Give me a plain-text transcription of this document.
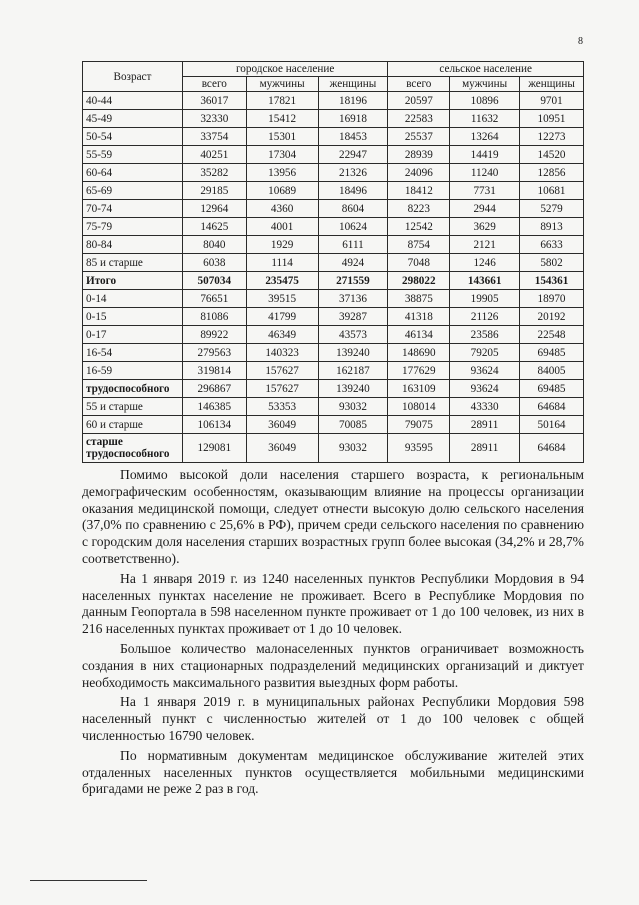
8
Возраст	городское население			сельское население		
	всего	мужчины	женщины	всего	мужчины	женщины
40-44	36017	17821	18196	20597	10896	9701
45-49	32330	15412	16918	22583	11632	10951
50-54	33754	15301	18453	25537	13264	12273
55-59	40251	17304	22947	28939	14419	14520
60-64	35282	13956	21326	24096	11240	12856
65-69	29185	10689	18496	18412	7731	10681
70-74	12964	4360	8604	8223	2944	5279
75-79	14625	4001	10624	12542	3629	8913
80-84	8040	1929	6111	8754	2121	6633
85 и старше	6038	1114	4924	7048	1246	5802
Итого	507034	235475	271559	298022	143661	154361
0-14	76651	39515	37136	38875	19905	18970
0-15	81086	41799	39287	41318	21126	20192
0-17	89922	46349	43573	46134	23586	22548
16-54	279563	140323	139240	148690	79205	69485
16-59	319814	157627	162187	177629	93624	84005
трудоспособного	296867	157627	139240	163109	93624	69485
55 и старше	146385	53353	93032	108014	43330	64684
60 и старше	106134	36049	70085	79075	28911	50164
старше трудоспособного	129081	36049	93032	93595	28911	64684

Помимо высокой доли населения старшего возраста, к региональным демографическим особенностям, оказывающим влияние на процессы организации оказания медицинской помощи, следует отнести высокую долю сельского населения (37,0% по сравнению с 25,6% в РФ), причем среди сельского населения по сравнению с городским доля населения старших возрастных групп более высокая (34,2% и 28,7% соответственно).

На 1 января 2019 г. из 1240 населенных пунктов Республики Мордовия в 94 населенных пунктах население не проживает. Всего в Республике Мордовия по данным Геопортала в 598 населенном пункте проживает от 1 до 100 человек, из них в 216 населенных пунктах проживает от 1 до 10 человек.

Большое количество малонаселенных пунктов ограничивает возможность создания в них стационарных подразделений медицинских организаций и диктует необходимость максимального развития выездных форм работы.

На 1 января 2019 г. в муниципальных районах Республики Мордовия 598 населенный пункт с численностью жителей от 1 до 100 человек с общей численностью 16790 человек.

По нормативным документам медицинское обслуживание жителей этих отдаленных населенных пунктов осуществляется мобильными медицинскими бригадами не реже 2 раз в год.
